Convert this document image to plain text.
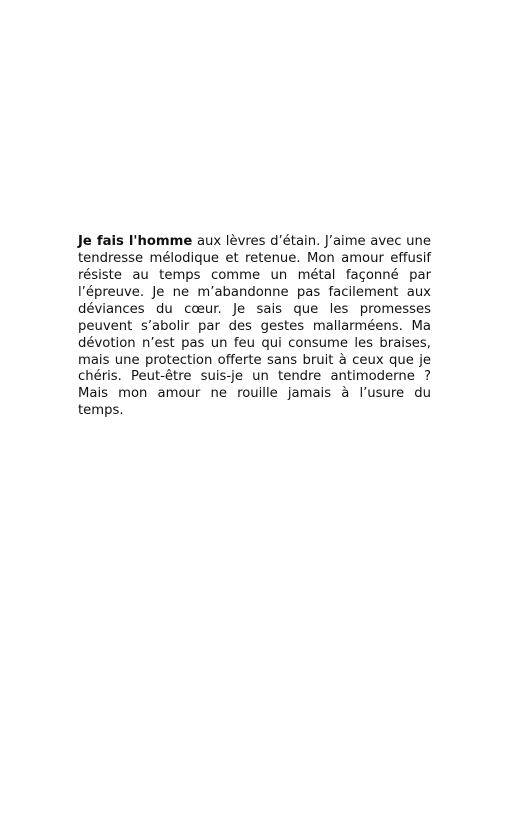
Je fais l'homme aux lèvres d’étain. J’aime avec une tendresse mélodique et retenue. Mon amour effusif résiste au temps comme un métal façonné par l’épreuve. Je ne m’abandonne pas facilement aux déviances du cœur. Je sais que les promesses peuvent s’abolir par des gestes mallarméens. Ma dévotion n’est pas un feu qui consume les braises, mais une protection offerte sans bruit à ceux que je chéris. Peut-être suis-je un tendre antimoderne ? Mais mon amour ne rouille jamais à l’usure du temps.
